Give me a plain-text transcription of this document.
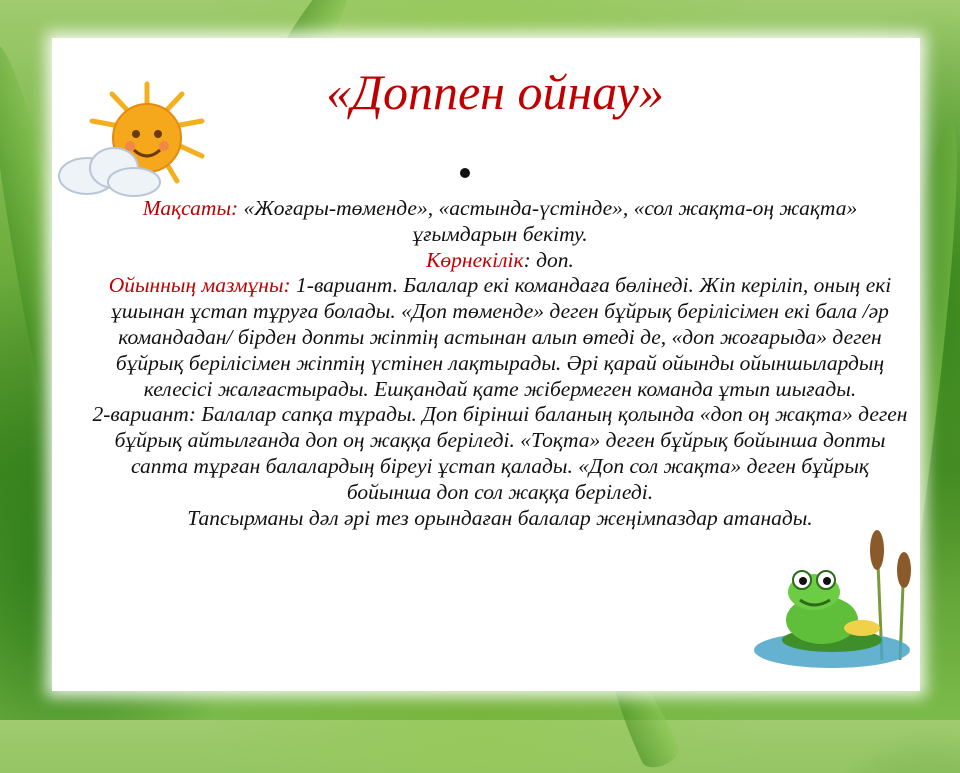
«Доппен ойнау»
Мақсаты: «Жоғары-төменде», «астында-үстінде», «сол жақта-оң жақта» ұғымдарын бекіту.
Көрнекілік: доп.
Ойынның мазмұны: 1-вариант. Балалар екі командаға бөлінеді. Жіп керіліп, оның екі ұшынан ұстап тұруға болады. «Доп төменде» деген бұйрық берілісімен екі бала /әр командадан/ бірден допты жіптің астынан алып өтеді де, «доп жоғарыда» деген бұйрық берілісімен жіптің үстінен лақтырады. Әрі қарай ойынды ойыншылардың келесісі жалғастырады. Ешқандай қате жібермеген команда ұтып шығады.
2-вариант: Балалар сапқа тұрады. Доп бірінші баланың қолында «доп оң жақта» деген бұйрық айтылғанда доп оң жаққа беріледі. «Тоқта» деген бұйрық бойынша допты сапта тұрған балалардың біреуі ұстап қалады. «Доп сол жақта» деген бұйрық бойынша доп сол жаққа беріледі.
Тапсырманы дәл әрі тез орындаған балалар жеңімпаздар атанады.
